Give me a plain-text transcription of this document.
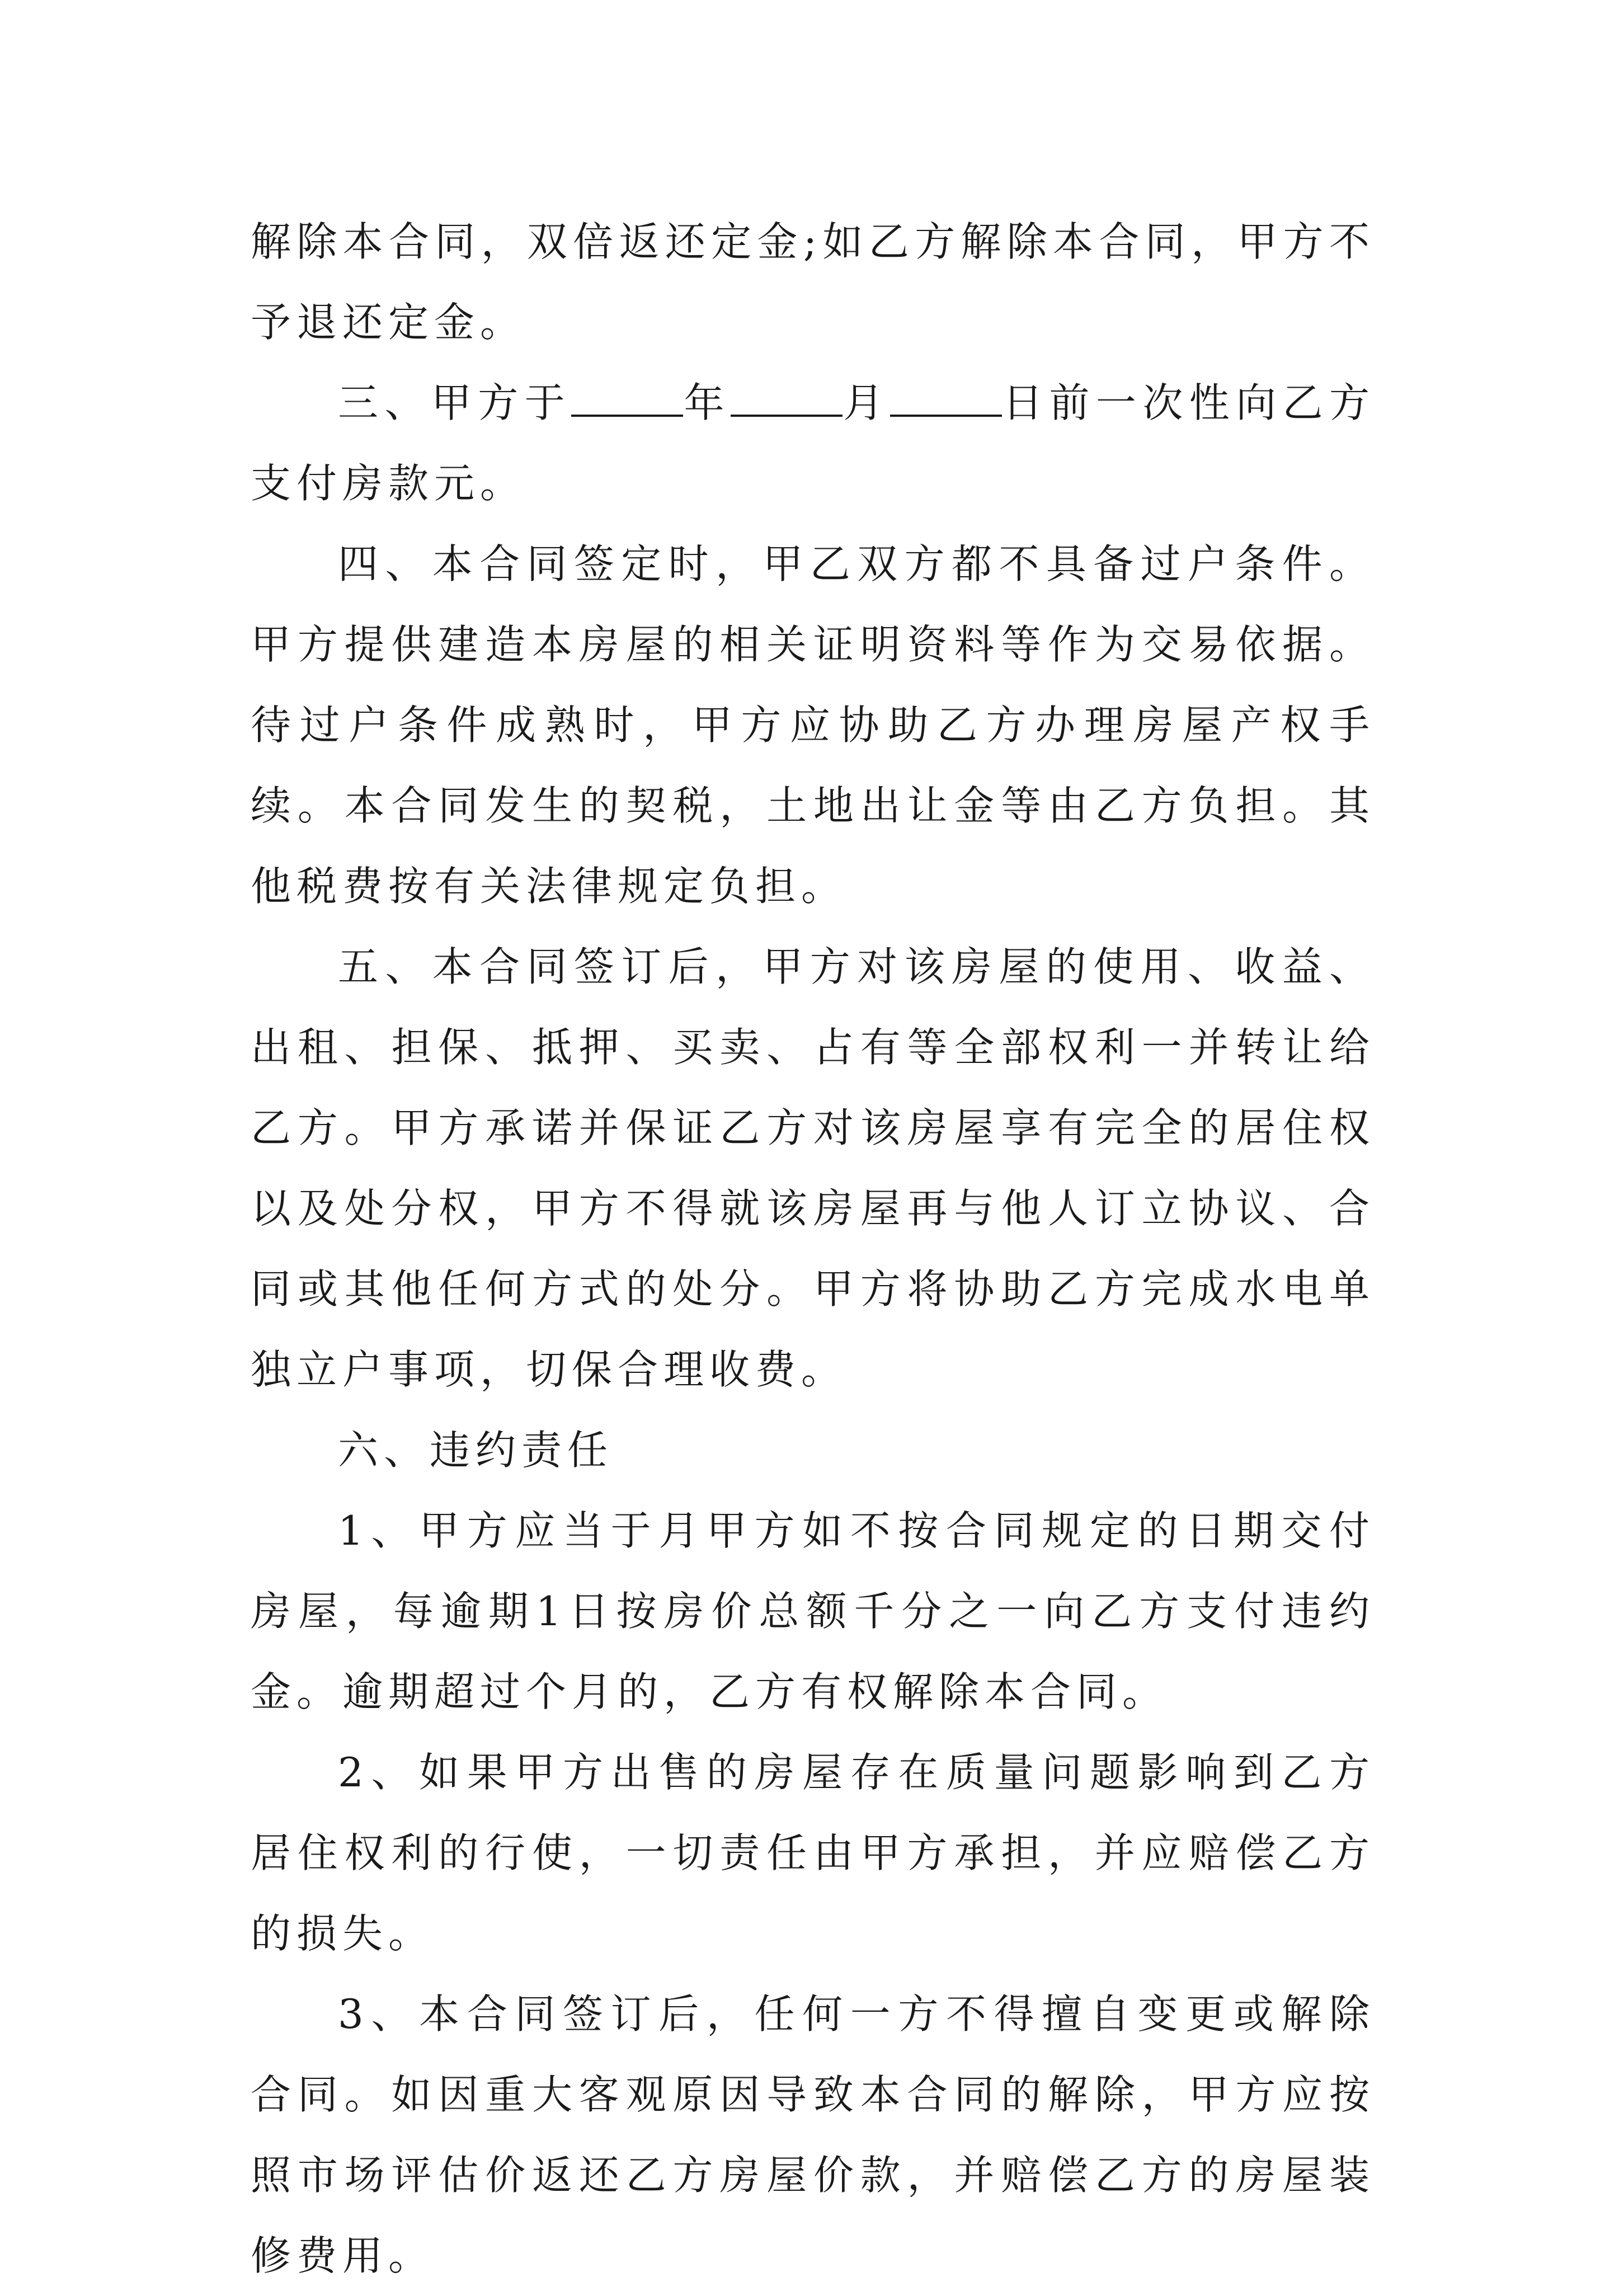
解除本合同，双倍返还定金;如乙方解除本合同，甲方不予退还定金。

三、甲方于	年	月	日前一次性向乙方支付房款元。

四、本合同签定时，甲乙双方都不具备过户条件。甲方提供建造本房屋的相关证明资料等作为交易依据。待过户条件成熟时，甲方应协助乙方办理房屋产权手续。本合同发生的契税，土地出让金等由乙方负担。其他税费按有关法律规定负担。

五、本合同签订后，甲方对该房屋的使用、收益、出租、担保、抵押、买卖、占有等全部权利一并转让给乙方。甲方承诺并保证乙方对该房屋享有完全的居住权以及处分权，甲方不得就该房屋再与他人订立协议、合同或其他任何方式的处分。甲方将协助乙方完成水电单独立户事项，切保合理收费。

六、违约责任

1、甲方应当于月甲方如不按合同规定的日期交付房屋，每逾期1日按房价总额千分之一向乙方支付违约金。逾期超过个月的，乙方有权解除本合同。

2、如果甲方出售的房屋存在质量问题影响到乙方居住权利的行使，一切责任由甲方承担，并应赔偿乙方的损失。

3、本合同签订后，任何一方不得擅自变更或解除合同。如因重大客观原因导致本合同的解除，甲方应按照市场评估价返还乙方房屋价款，并赔偿乙方的房屋装修费用。
